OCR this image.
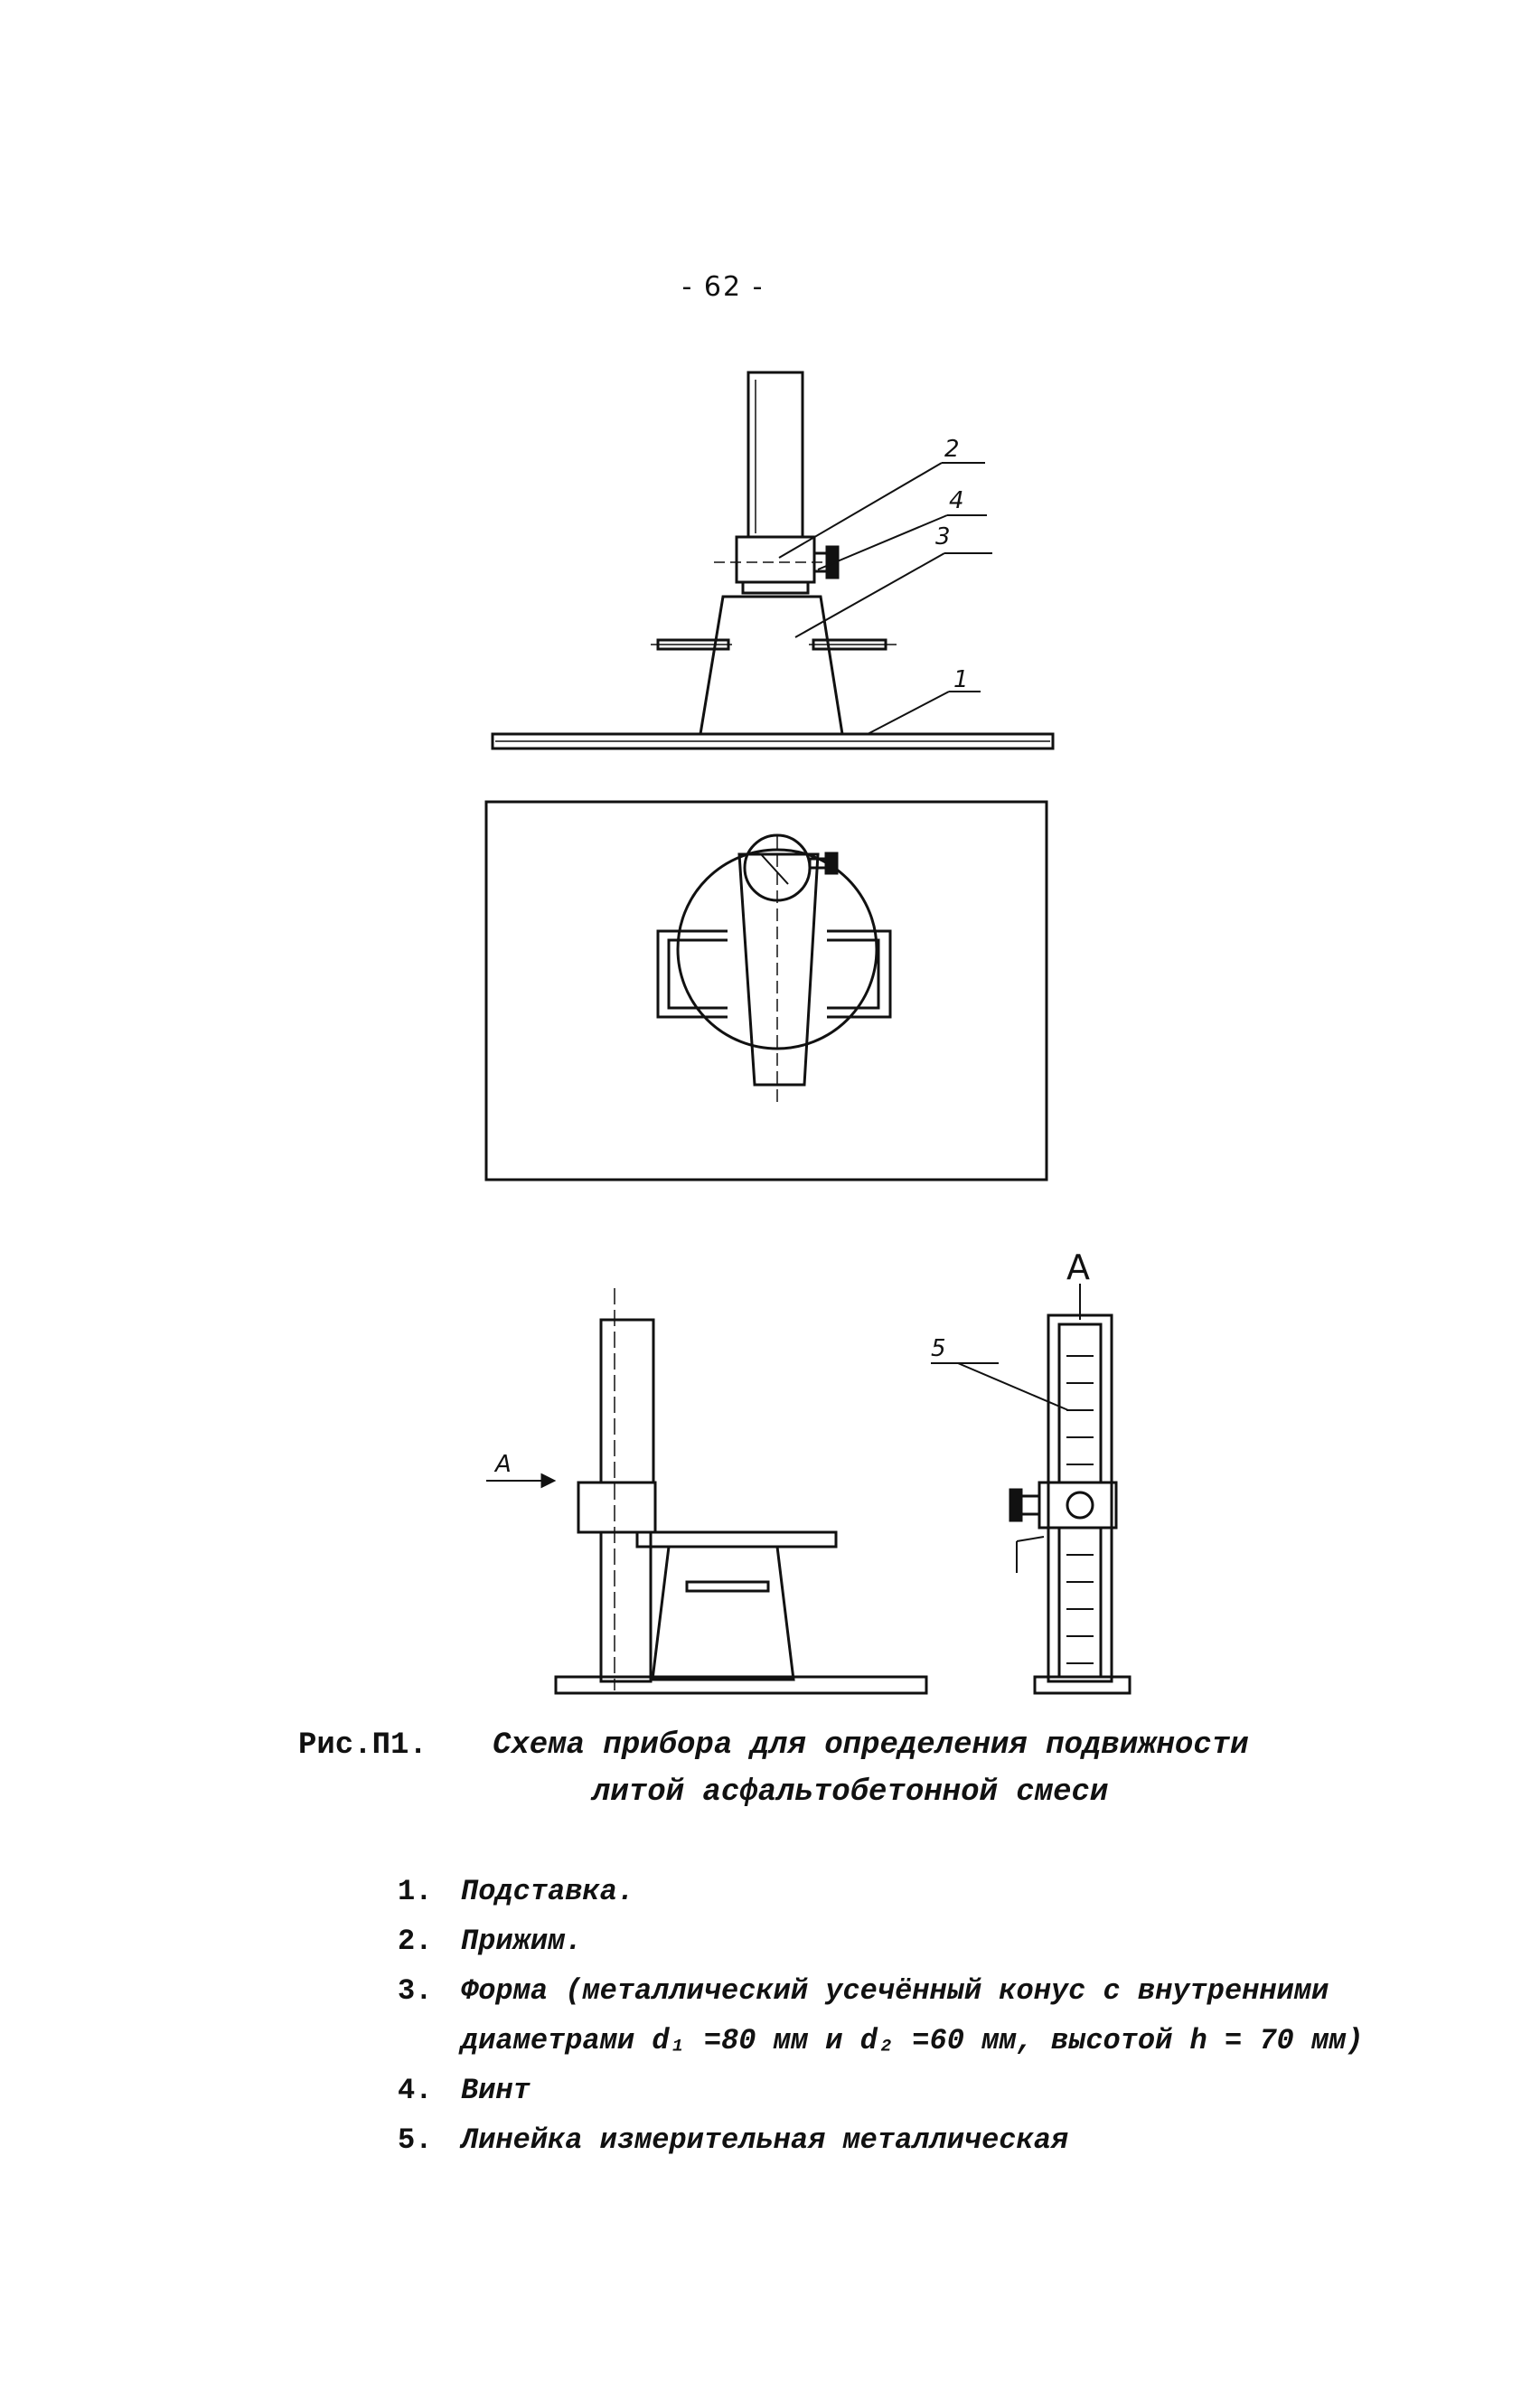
- 62 -
2
4
3
1
5
A
A
Рис.П1. Схема прибора для определения подвижности
литой асфальтобетонной смеси
1. Подставка.
2. Прижим.
3. Форма (металлический усечённый конус с внутренними диаметрами d₁ =80 мм и d₂ =60 мм, высотой h = 70 мм)
4. Винт
5. Линейка измерительная металлическая
